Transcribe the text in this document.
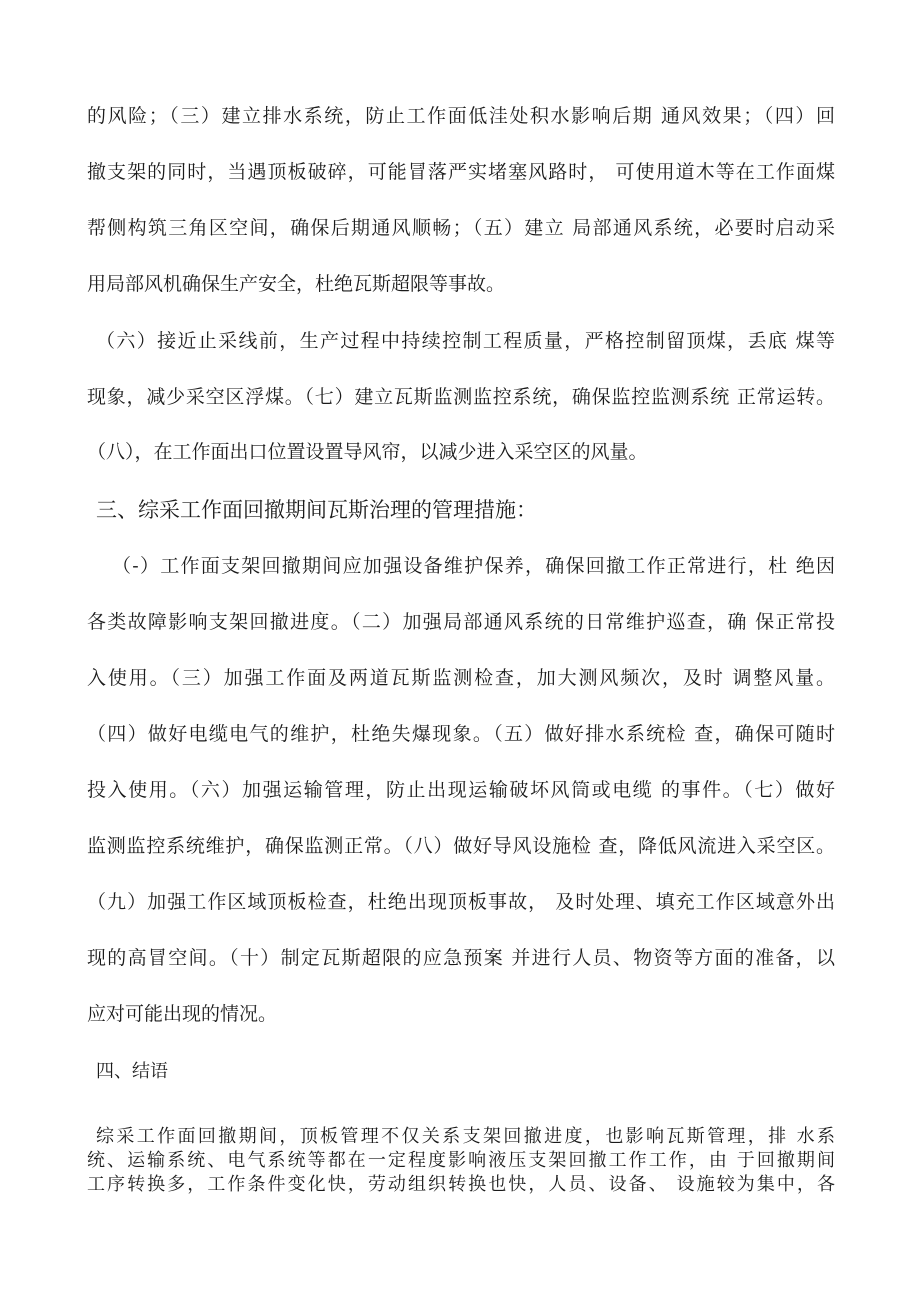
的风险；（三）建立排水系统，防止工作面低洼处积水影响后期 通风效果；（四）回
撤支架的同时，当遇顶板破碎，可能冒落严实堵塞风路时， 可使用道木等在工作面煤
帮侧构筑三角区空间，确保后期通风顺畅；（五）建立 局部通风系统，必要时启动采
用局部风机确保生产安全，杜绝瓦斯超限等事故。
（六）接近止采线前，生产过程中持续控制工程质量，严格控制留顶煤，丢底 煤等
现象，减少采空区浮煤。（七）建立瓦斯监测监控系统，确保监控监测系统 正常运转。
（八），在工作面出口位置设置导风帘，以减少进入采空区的风量。
三、综采工作面回撤期间瓦斯治理的管理措施：
（-）工作面支架回撤期间应加强设备维护保养，确保回撤工作正常进行，杜 绝因
各类故障影响支架回撤进度。（二）加强局部通风系统的日常维护巡查，确 保正常投
入使用。（三）加强工作面及两道瓦斯监测检查，加大测风频次，及时 调整风量。
（四）做好电缆电气的维护，杜绝失爆现象。（五）做好排水系统检 查，确保可随时
投入使用。（六）加强运输管理，防止出现运输破坏风筒或电缆 的事件。（七）做好
监测监控系统维护，确保监测正常。（八）做好导风设施检 查，降低风流进入采空区。
（九）加强工作区域顶板检查，杜绝出现顶板事故， 及时处理、填充工作区域意外出
现的高冒空间。（十）制定瓦斯超限的应急预案 并进行人员、物资等方面的准备，以
应对可能出现的情况。
四、结语
综采工作面回撤期间，顶板管理不仅关系支架回撤进度，也影响瓦斯管理，排 水系
统、运输系统、电气系统等都在一定程度影响液压支架回撤工作工作，由 于回撤期间
工序转换多，工作条件变化快，劳动组织转换也快，人员、设备、 设施较为集中，各
